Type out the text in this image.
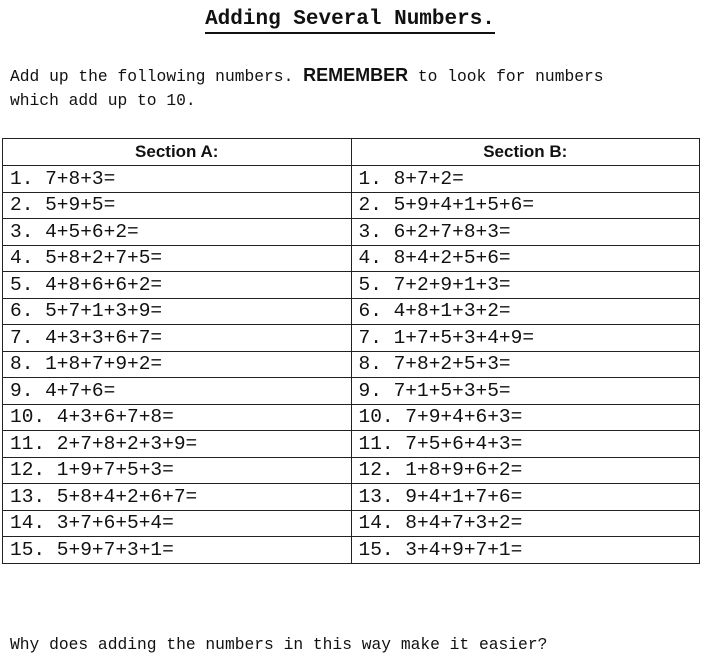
Adding Several Numbers.
Add up the following numbers. REMEMBER to look for numbers
which add up to 10.
Section A:	Section B:
1. 7+8+3=	1. 8+7+2=
2. 5+9+5=	2. 5+9+4+1+5+6=
3. 4+5+6+2=	3. 6+2+7+8+3=
4. 5+8+2+7+5=	4. 8+4+2+5+6=
5. 4+8+6+6+2=	5. 7+2+9+1+3=
6. 5+7+1+3+9=	6. 4+8+1+3+2=
7. 4+3+3+6+7=	7. 1+7+5+3+4+9=
8. 1+8+7+9+2=	8. 7+8+2+5+3=
9. 4+7+6=	9. 7+1+5+3+5=
10. 4+3+6+7+8=	10. 7+9+4+6+3=
11. 2+7+8+2+3+9=	11. 7+5+6+4+3=
12. 1+9+7+5+3=	12. 1+8+9+6+2=
13. 5+8+4+2+6+7=	13. 9+4+1+7+6=
14. 3+7+6+5+4=	14. 8+4+7+3+2=
15. 5+9+7+3+1=	15. 3+4+9+7+1=
Why does adding the numbers in this way make it easier?
